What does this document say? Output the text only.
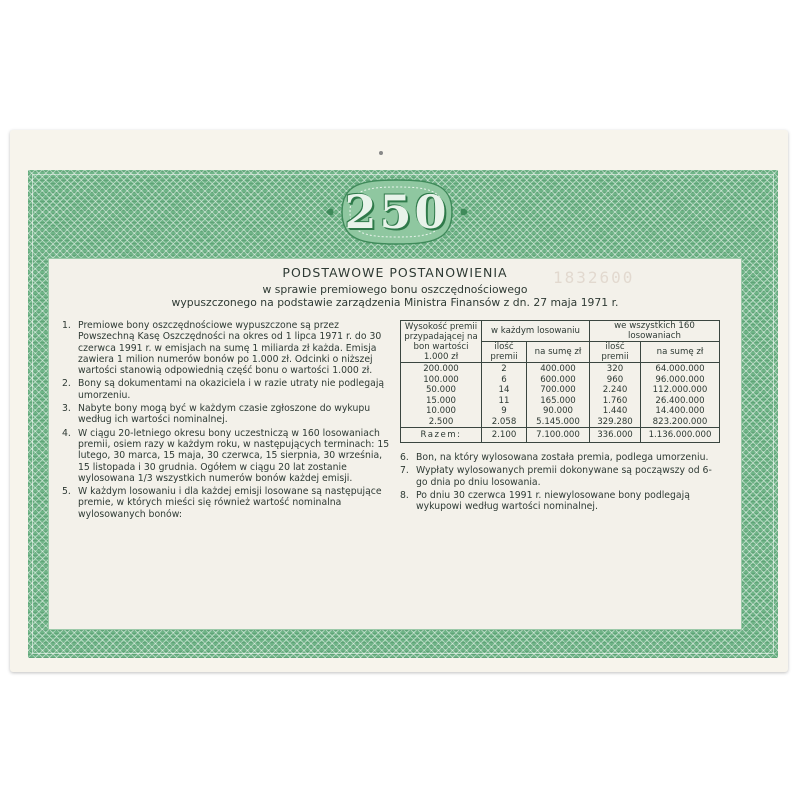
250
1832600
PODSTAWOWE POSTANOWIENIA
w sprawie premiowego bonu oszczędnościowego
wypuszczonego na podstawie zarządzenia Ministra Finansów z dn. 27 maja 1971 r.
1. Premiowe bony oszczędnościowe wypuszczone są przez Powszechną Kasę Oszczędności na okres od 1 lipca 1971 r. do 30 czerwca 1991 r. w emisjach na sumę 1 miliarda zł każda. Emisja zawiera 1 milion numerów bonów po 1.000 zł. Odcinki o niższej wartości stanowią odpowiednią część bonu o wartości 1.000 zł.
2. Bony są dokumentami na okaziciela i w razie utraty nie podlegają umorzeniu.
3. Nabyte bony mogą być w każdym czasie zgłoszone do wykupu według ich wartości nominalnej.
4. W ciągu 20-letniego okresu bony uczestniczą w 160 losowaniach premii, osiem razy w każdym roku, w następujących terminach: 15 lutego, 30 marca, 15 maja, 30 czerwca, 15 sierpnia, 30 września, 15 listopada i 30 grudnia. Ogółem w ciągu 20 lat zostanie wylosowana 1/3 wszystkich numerów bonów każdej emisji.
5. W każdym losowaniu i dla każdej emisji losowane są następujące premie, w których mieści się również wartość nominalna wylosowanych bonów:
Wysokość premii przypadającej na bon wartości 1.000 zł	w każdym losowaniu		we wszystkich 160 losowaniach	
	ilość premii	na sumę zł	ilość premii	na sumę zł
200.000	2	400.000	320	64.000.000
100.000	6	600.000	960	96.000.000
50.000	14	700.000	2.240	112.000.000
15.000	11	165.000	1.760	26.400.000
10.000	9	90.000	1.440	14.400.000
2.500	2.058	5.145.000	329.280	823.200.000
Razem:	2.100	7.100.000	336.000	1.136.000.000
6. Bon, na który wylosowana została premia, podlega umorzeniu.
7. Wypłaty wylosowanych premii dokonywane są począwszy od 6-go dnia po dniu losowania.
8. Po dniu 30 czerwca 1991 r. niewylosowane bony podlegają wykupowi według wartości nominalnej.
